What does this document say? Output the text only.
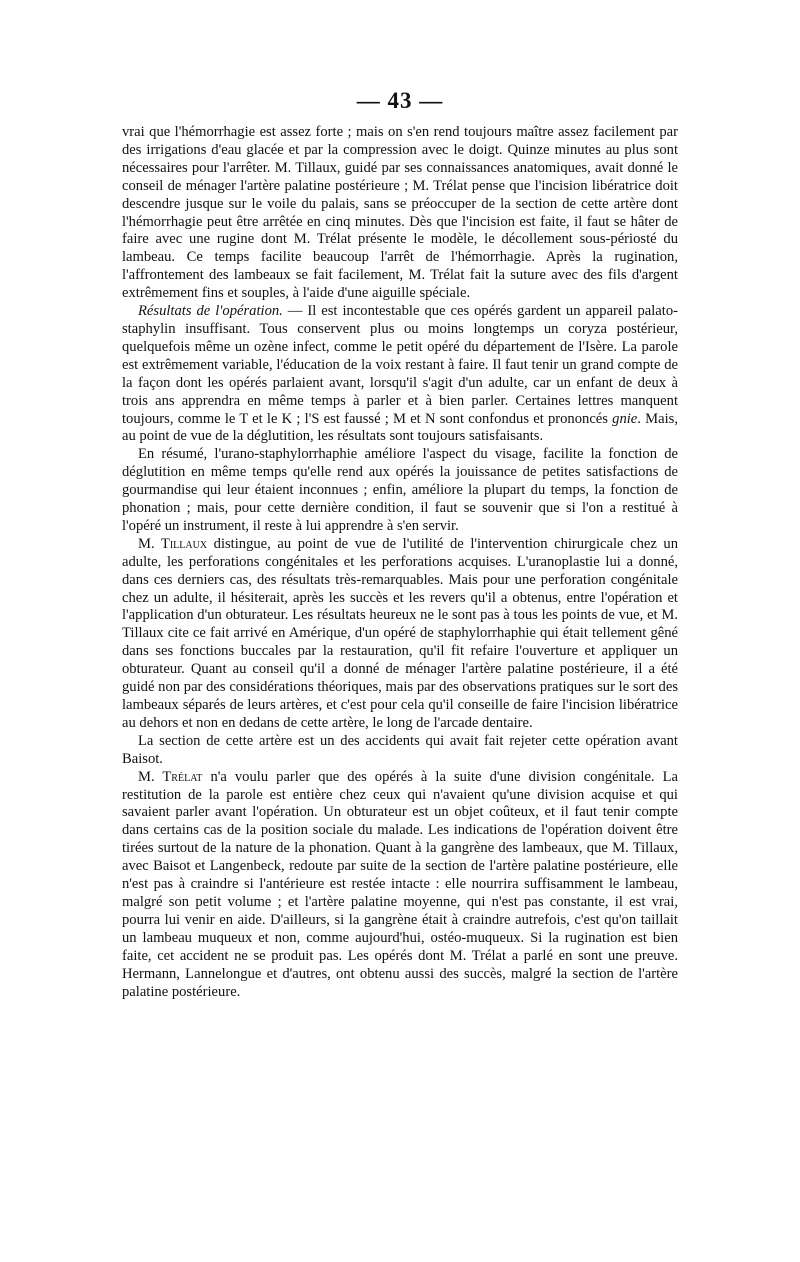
— 43 —

vrai que l'hémorrhagie est assez forte ; mais on s'en rend toujours maître assez facilement par des irrigations d'eau glacée et par la compression avec le doigt. Quinze minutes au plus sont nécessaires pour l'arrêter. M. Tillaux, guidé par ses connaissances anatomiques, avait donné le conseil de ménager l'artère palatine postérieure ; M. Trélat pense que l'incision libératrice doit descendre jusque sur le voile du palais, sans se préoccuper de la section de cette artère dont l'hémorrhagie peut être arrêtée en cinq minutes. Dès que l'incision est faite, il faut se hâter de faire avec une rugine dont M. Trélat présente le modèle, le décollement sous-périosté du lambeau. Ce temps facilite beaucoup l'arrêt de l'hémorrhagie. Après la rugination, l'affrontement des lambeaux se fait facilement, M. Trélat fait la suture avec des fils d'argent extrêmement fins et souples, à l'aide d'une aiguille spéciale.

Résultats de l'opération. — Il est incontestable que ces opérés gardent un appareil palato-staphylin insuffisant. Tous conservent plus ou moins longtemps un coryza postérieur, quelquefois même un ozène infect, comme le petit opéré du département de l'Isère. La parole est extrêmement variable, l'éducation de la voix restant à faire. Il faut tenir un grand compte de la façon dont les opérés parlaient avant, lorsqu'il s'agit d'un adulte, car un enfant de deux à trois ans apprendra en même temps à parler et à bien parler. Certaines lettres manquent toujours, comme le T et le K ; l'S est faussé ; M et N sont confondus et prononcés gnie. Mais, au point de vue de la déglutition, les résultats sont toujours satisfaisants.

En résumé, l'urano-staphylorrhaphie améliore l'aspect du visage, facilite la fonction de déglutition en même temps qu'elle rend aux opérés la jouissance de petites satisfactions de gourmandise qui leur étaient inconnues ; enfin, améliore la plupart du temps, la fonction de phonation ; mais, pour cette dernière condition, il faut se souvenir que si l'on a restitué à l'opéré un instrument, il reste à lui apprendre à s'en servir.

M. Tillaux distingue, au point de vue de l'utilité de l'intervention chirurgicale chez un adulte, les perforations congénitales et les perforations acquises. L'uranoplastie lui a donné, dans ces derniers cas, des résultats très-remarquables. Mais pour une perforation congénitale chez un adulte, il hésiterait, après les succès et les revers qu'il a obtenus, entre l'opération et l'application d'un obturateur. Les résultats heureux ne le sont pas à tous les points de vue, et M. Tillaux cite ce fait arrivé en Amérique, d'un opéré de staphylorrhaphie qui était tellement gêné dans ses fonctions buccales par la restauration, qu'il fit refaire l'ouverture et appliquer un obturateur. Quant au conseil qu'il a donné de ménager l'artère palatine postérieure, il a été guidé non par des considérations théoriques, mais par des observations pratiques sur le sort des lambeaux séparés de leurs artères, et c'est pour cela qu'il conseille de faire l'incision libératrice au dehors et non en dedans de cette artère, le long de l'arcade dentaire.

La section de cette artère est un des accidents qui avait fait rejeter cette opération avant Baisot.

M. Trélat n'a voulu parler que des opérés à la suite d'une division congénitale. La restitution de la parole est entière chez ceux qui n'avaient qu'une division acquise et qui savaient parler avant l'opération. Un obturateur est un objet coûteux, et il faut tenir compte dans certains cas de la position sociale du malade. Les indications de l'opération doivent être tirées surtout de la nature de la phonation. Quant à la gangrène des lambeaux, que M. Tillaux, avec Baisot et Langenbeck, redoute par suite de la section de l'artère palatine postérieure, elle n'est pas à craindre si l'antérieure est restée intacte : elle nourrira suffisamment le lambeau, malgré son petit volume ; et l'artère palatine moyenne, qui n'est pas constante, il est vrai, pourra lui venir en aide. D'ailleurs, si la gangrène était à craindre autrefois, c'est qu'on taillait un lambeau muqueux et non, comme aujourd'hui, ostéo-muqueux. Si la rugination est bien faite, cet accident ne se produit pas. Les opérés dont M. Trélat a parlé en sont une preuve. Hermann, Lannelongue et d'autres, ont obtenu aussi des succès, malgré la section de l'artère palatine postérieure.
